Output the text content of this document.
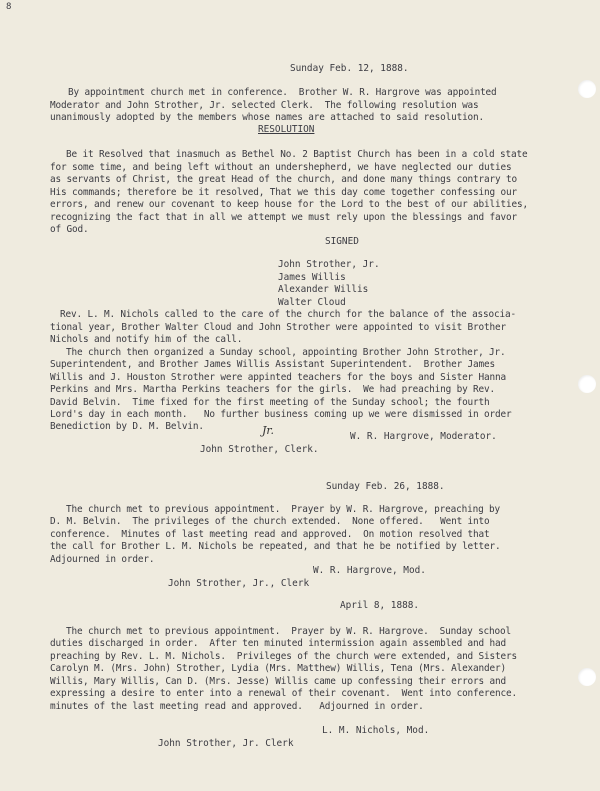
8
Sunday Feb. 12, 1888.
By appointment church met in conference.  Brother W. R. Hargrove was appointed
Moderator and John Strother, Jr. selected Clerk.  The following resolution was
unanimously adopted by the members whose names are attached to said resolution.
RESOLUTION
Be it Resolved that inasmuch as Bethel No. 2 Baptist Church has been in a cold state
for some time, and being left without an undershepherd, we have neglected our duties
as servants of Christ, the great Head of the church, and done many things contrary to
His commands; therefore be it resolved, That we this day come together confessing our
errors, and renew our covenant to keep house for the Lord to the best of our abilities,
recognizing the fact that in all we attempt we must rely upon the blessings and favor
of God.
SIGNED
John Strother, Jr.
James Willis
Alexander Willis
Walter Cloud
Rev. L. M. Nichols called to the care of the church for the balance of the associa-
tional year, Brother Walter Cloud and John Strother were appointed to visit Brother
Nichols and notify him of the call.
The church then organized a Sunday school, appointing Brother John Strother, Jr.
Superintendent, and Brother James Willis Assistant Superintendent.  Brother James
Willis and J. Houston Strother were appinted teachers for the boys and Sister Hanna
Perkins and Mrs. Martha Perkins teachers for the girls.  We had preaching by Rev.
David Belvin.  Time fixed for the first meeting of the Sunday school; the fourth
Lord's day in each month.   No further business coming up we were dismissed in order
Benediction by D. M. Belvin.
W. R. Hargrove, Moderator.
Jr.
John Strother, Clerk.
Sunday Feb. 26, 1888.
The church met to previous appointment.  Prayer by W. R. Hargrove, preaching by
D. M. Belvin.  The privileges of the church extended.  None offered.   Went into
conference.  Minutes of last meeting read and approved.  On motion resolved that
the call for Brother L. M. Nichols be repeated, and that he be notified by letter.
Adjourned in order.
W. R. Hargrove, Mod.
John Strother, Jr., Clerk
April 8, 1888.
The church met to previous appointment.  Prayer by W. R. Hargrove.  Sunday school
duties discharged in order.  After ten minuted intermission again assembled and had
preaching by Rev. L. M. Nichols.  Privileges of the church were extended, and Sisters
Carolyn M. (Mrs. John) Strother, Lydia (Mrs. Matthew) Willis, Tena (Mrs. Alexander)
Willis, Mary Willis, Can D. (Mrs. Jesse) Willis came up confessing their errors and
expressing a desire to enter into a renewal of their covenant.  Went into conference.
minutes of the last meeting read and approved.   Adjourned in order.
L. M. Nichols, Mod.
John Strother, Jr. Clerk
